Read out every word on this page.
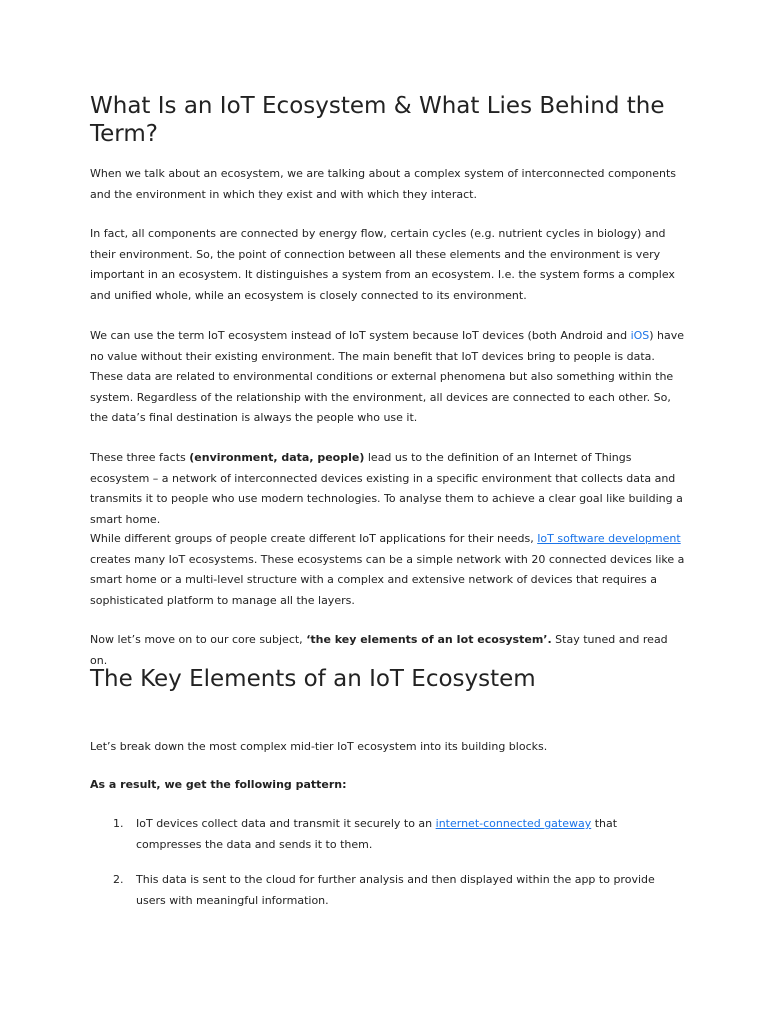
What Is an IoT Ecosystem & What Lies Behind the Term?

When we talk about an ecosystem, we are talking about a complex system of interconnected components and the environment in which they exist and with which they interact.

In fact, all components are connected by energy flow, certain cycles (e.g. nutrient cycles in biology) and their environment. So, the point of connection between all these elements and the environment is very important in an ecosystem. It distinguishes a system from an ecosystem. I.e. the system forms a complex and unified whole, while an ecosystem is closely connected to its environment.

We can use the term IoT ecosystem instead of IoT system because IoT devices (both Android and iOS) have no value without their existing environment. The main benefit that IoT devices bring to people is data. These data are related to environmental conditions or external phenomena but also something within the system. Regardless of the relationship with the environment, all devices are connected to each other. So, the data’s final destination is always the people who use it.

These three facts (environment, data, people) lead us to the definition of an Internet of Things ecosystem – a network of interconnected devices existing in a specific environment that collects data and transmits it to people who use modern technologies. To analyse them to achieve a clear goal like building a smart home.

While different groups of people create different IoT applications for their needs, IoT software development creates many IoT ecosystems. These ecosystems can be a simple network with 20 connected devices like a smart home or a multi-level structure with a complex and extensive network of devices that requires a sophisticated platform to manage all the layers.

Now let’s move on to our core subject, ‘the key elements of an Iot ecosystem’. Stay tuned and read on.

The Key Elements of an IoT Ecosystem

Let’s break down the most complex mid-tier IoT ecosystem into its building blocks.

As a result, we get the following pattern:

1. IoT devices collect data and transmit it securely to an internet-connected gateway that compresses the data and sends it to them.
2. This data is sent to the cloud for further analysis and then displayed within the app to provide users with meaningful information.
